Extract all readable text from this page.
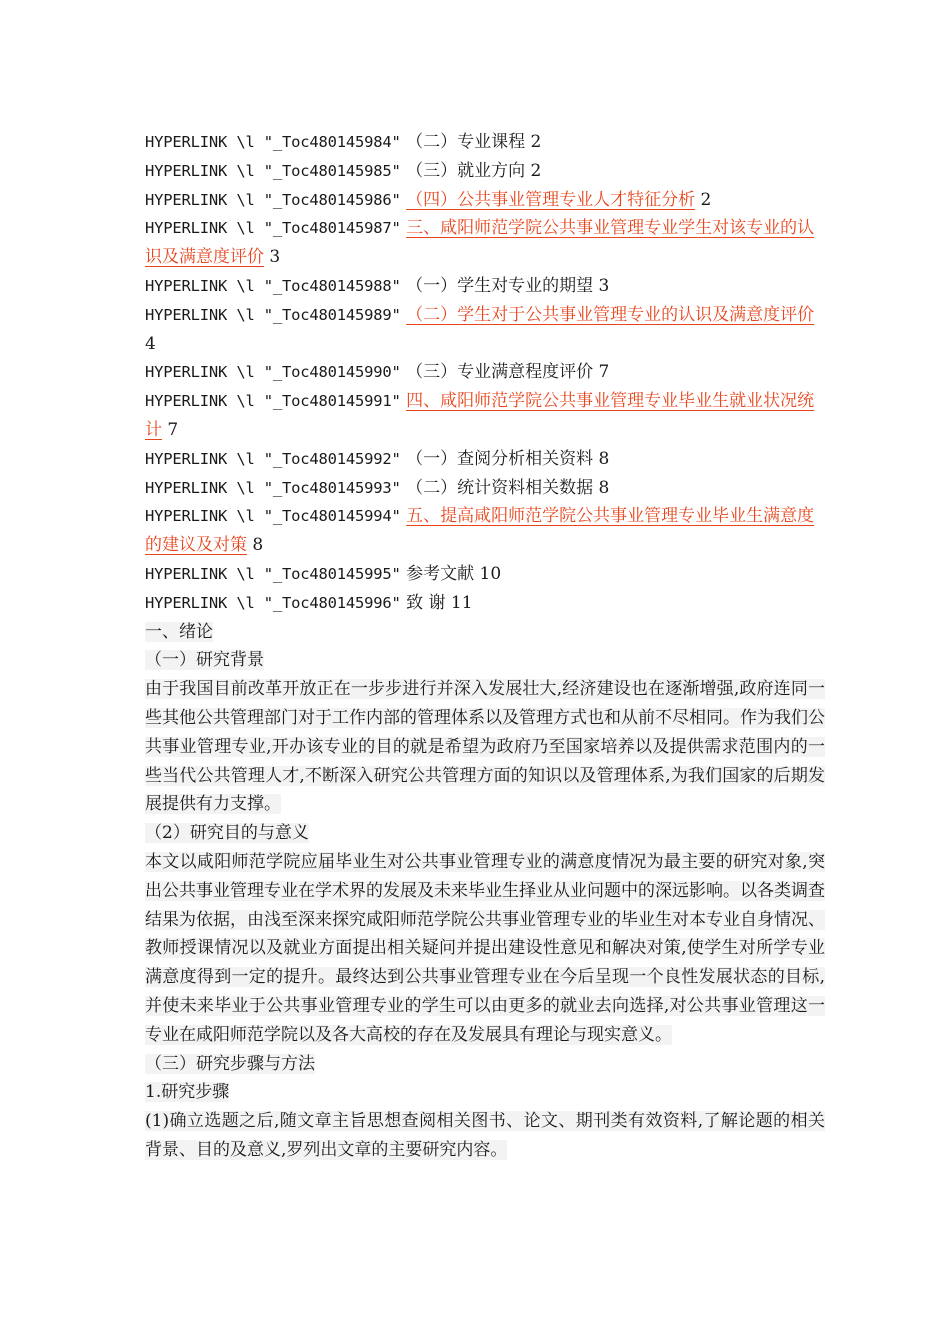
HYPERLINK \l "_Toc480145984" （二）专业课程 2
HYPERLINK \l "_Toc480145985" （三）就业方向 2
HYPERLINK \l "_Toc480145986" （四）公共事业管理专业人才特征分析 2
HYPERLINK \l "_Toc480145987" 三、咸阳师范学院公共事业管理专业学生对该专业的认识及满意度评价 3
HYPERLINK \l "_Toc480145988" （一）学生对专业的期望 3
HYPERLINK \l "_Toc480145989" （二）学生对于公共事业管理专业的认识及满意度评价 4
HYPERLINK \l "_Toc480145990" （三）专业满意程度评价 7
HYPERLINK \l "_Toc480145991" 四、咸阳师范学院公共事业管理专业毕业生就业状况统计 7
HYPERLINK \l "_Toc480145992" （一）查阅分析相关资料 8
HYPERLINK \l "_Toc480145993" （二）统计资料相关数据 8
HYPERLINK \l "_Toc480145994" 五、提高咸阳师范学院公共事业管理专业毕业生满意度的建议及对策 8
HYPERLINK \l "_Toc480145995" 参考文献 10
HYPERLINK \l "_Toc480145996" 致 谢 11

一、绪论

（一）研究背景

由于我国目前改革开放正在一步步进行并深入发展壮大,经济建设也在逐渐增强,政府连同一些其他公共管理部门对于工作内部的管理体系以及管理方式也和从前不尽相同。作为我们公共事业管理专业,开办该专业的目的就是希望为政府乃至国家培养以及提供需求范围内的一些当代公共管理人才,不断深入研究公共管理方面的知识以及管理体系,为我们国家的后期发展提供有力支撑。

（2）研究目的与意义

本文以咸阳师范学院应届毕业生对公共事业管理专业的满意度情况为最主要的研究对象,突出公共事业管理专业在学术界的发展及未来毕业生择业从业问题中的深远影响。以各类调查结果为依据，由浅至深来探究咸阳师范学院公共事业管理专业的毕业生对本专业自身情况、教师授课情况以及就业方面提出相关疑问并提出建设性意见和解决对策,使学生对所学专业满意度得到一定的提升。最终达到公共事业管理专业在今后呈现一个良性发展状态的目标,并使未来毕业于公共事业管理专业的学生可以由更多的就业去向选择,对公共事业管理这一专业在咸阳师范学院以及各大高校的存在及发展具有理论与现实意义。

（三）研究步骤与方法

1.研究步骤

(1)确立选题之后,随文章主旨思想查阅相关图书、论文、期刊类有效资料,了解论题的相关背景、目的及意义,罗列出文章的主要研究内容。
